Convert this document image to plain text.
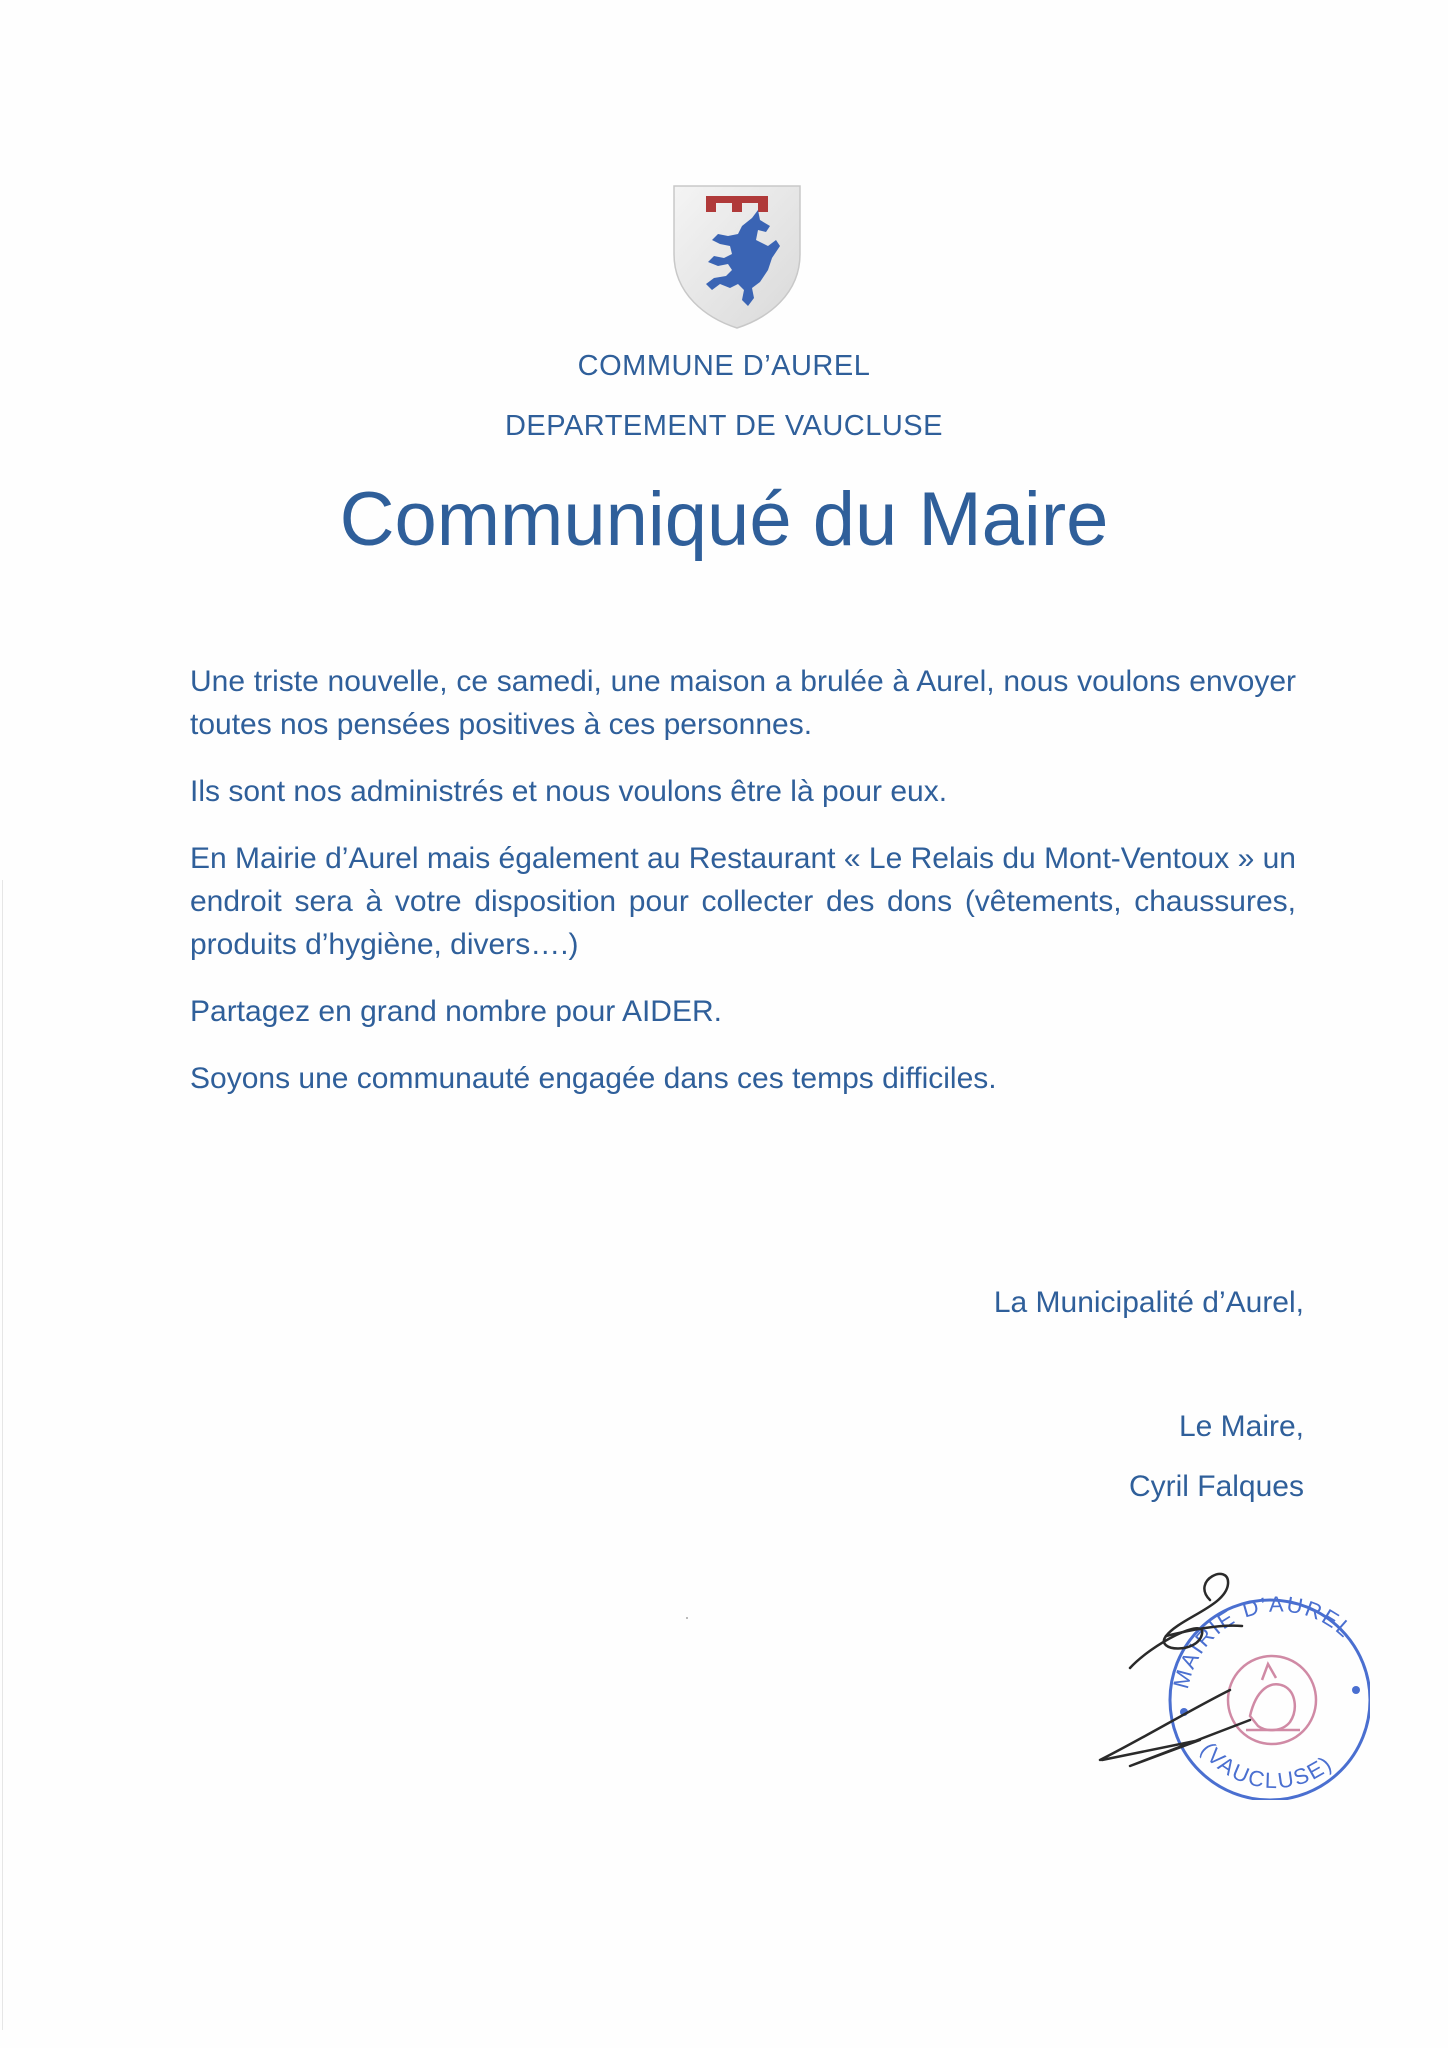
COMMUNE D’AUREL
DEPARTEMENT DE VAUCLUSE
Communiqué du Maire

Une triste nouvelle, ce samedi, une maison a brulée à Aurel, nous voulons envoyer toutes nos pensées positives à ces personnes.

Ils sont nos administrés et nous voulons être là pour eux.

En Mairie d’Aurel mais également au Restaurant « Le Relais du Mont-Ventoux » un endroit sera à votre disposition pour collecter des dons (vêtements, chaussures, produits d’hygiène, divers….)

Partagez en grand nombre pour AIDER.

Soyons une communauté engagée dans ces temps difficiles.

La Municipalité d’Aurel,
Le Maire,
Cyril Falques
MAIRIE D’AUREL
(VAUCLUSE)
